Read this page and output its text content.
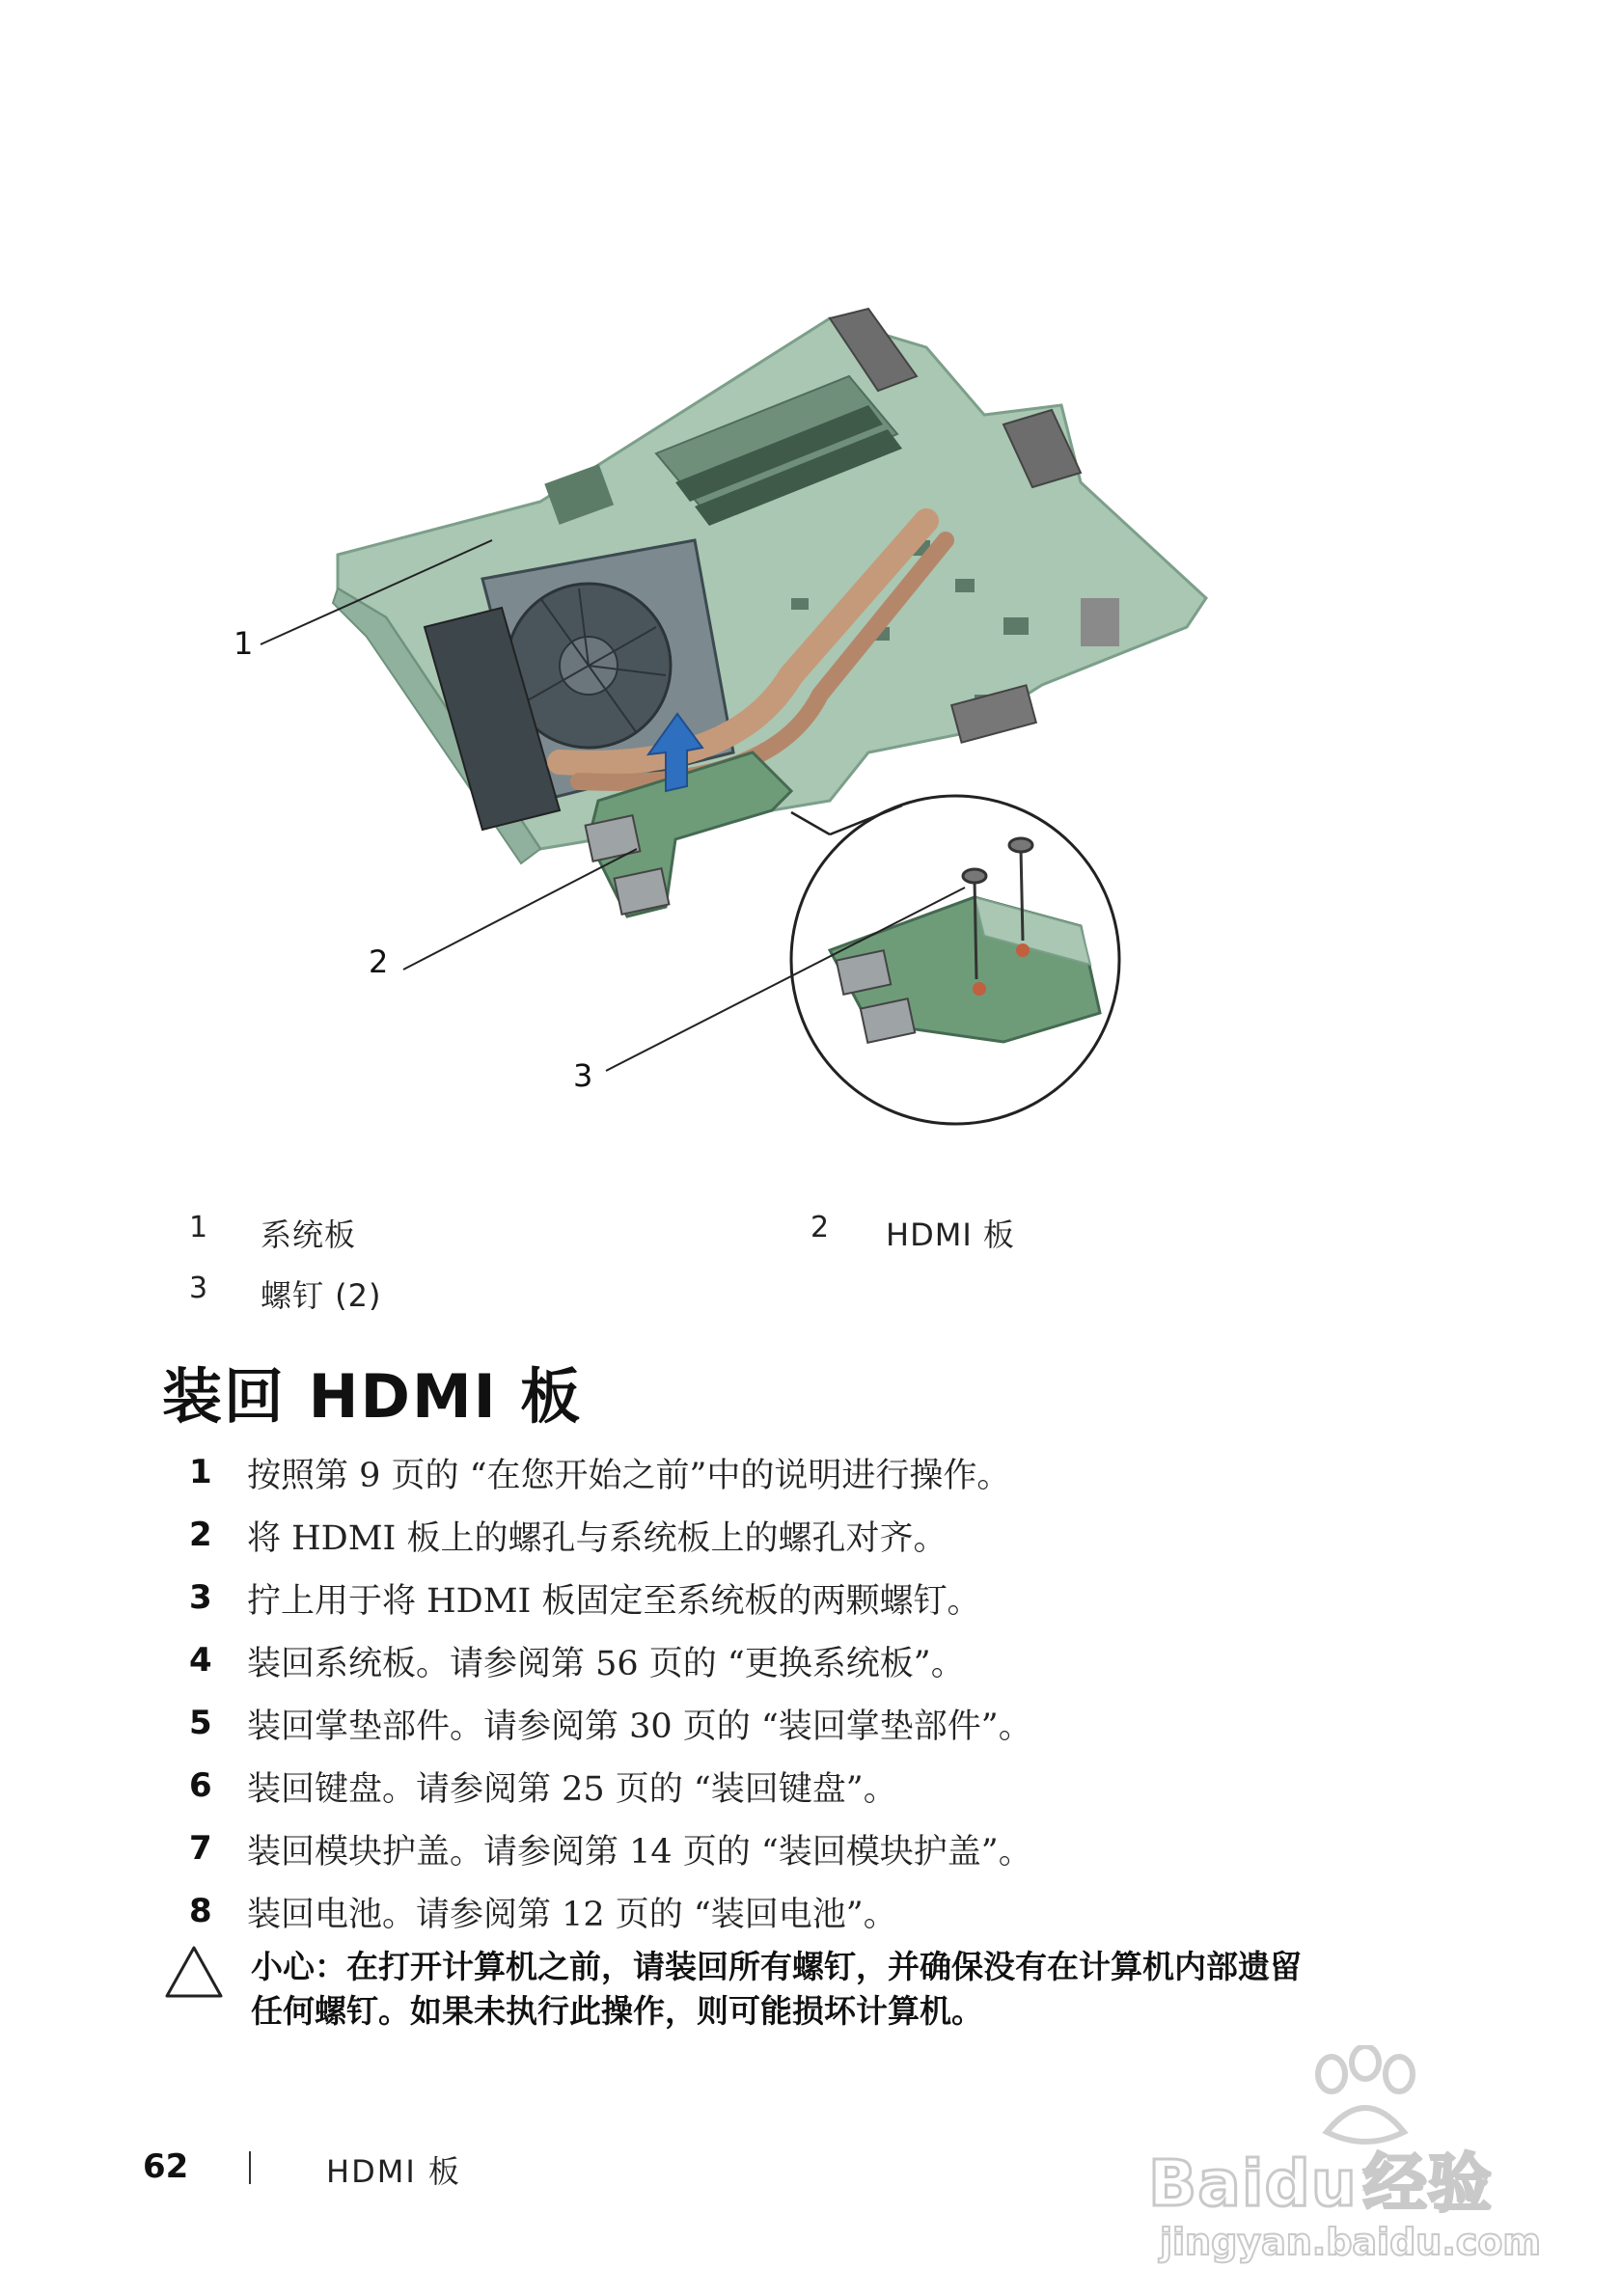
1
2
3
1 系统板	2 HDMI 板
3 螺钉 (2)
装回 HDMI 板
1 按照第 9 页的 “在您开始之前”中的说明进行操作。
2 将 HDMI 板上的螺孔与系统板上的螺孔对齐。
3 拧上用于将 HDMI 板固定至系统板的两颗螺钉。
4 装回系统板。请参阅第 56 页的 “更换系统板”。
5 装回掌垫部件。请参阅第 30 页的 “装回掌垫部件”。
6 装回键盘。请参阅第 25 页的 “装回键盘”。
7 装回模块护盖。请参阅第 14 页的 “装回模块护盖”。
8 装回电池。请参阅第 12 页的 “装回电池”。
小心：在打开计算机之前，请装回所有螺钉，并确保没有在计算机内部遗留
任何螺钉。如果未执行此操作，则可能损坏计算机。
62	HDMI 板	Baidu经验
jingyan.baidu.com
